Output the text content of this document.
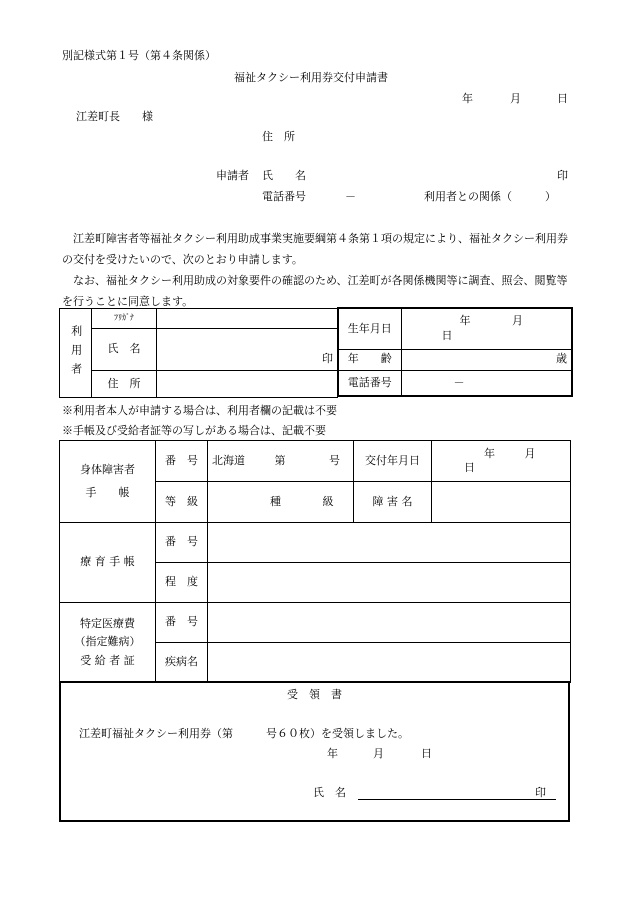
別記様式第１号（第４条関係）
福祉タクシー利用券交付申請書
年	月	日
江差町長　　様
住　所
申請者 氏　　名	印
電話番号	－	利用者との関係（　　　）
江差町障害者等福祉タクシー利用助成事業実施要綱第４条第１項の規定により、福祉タクシー利用券の交付を受けたいので、次のとおり申請します。
なお、福祉タクシー利用助成の対象要件の確認のため、江差町が各関係機関等に調査、照会、閲覧等を行うことに同意します。
利用者	ﾌﾘｶﾞﾅ	
	氏　名	印
	住　所	
生年月日	年 月 日
年　　齢	歳
電話番号	－
※利用者本人が申請する場合は、利用者欄の記載は不要
※手帳及び受給者証等の写しがある場合は、記載不要
身体障害者
手　　帳	番　号	北海道 第 号	交付年月日	年 月 日
	等　級	種 級	障 害 名	
療 育 手 帳	番　号			
	程　度			

特定医療費
（指定難病）
受 給 者 証	番　号			
	疾病名			
受　領　書
江差町福祉タクシー利用券（第　　　号６０枚）を受領しました。
年	月	日
氏　名	印
